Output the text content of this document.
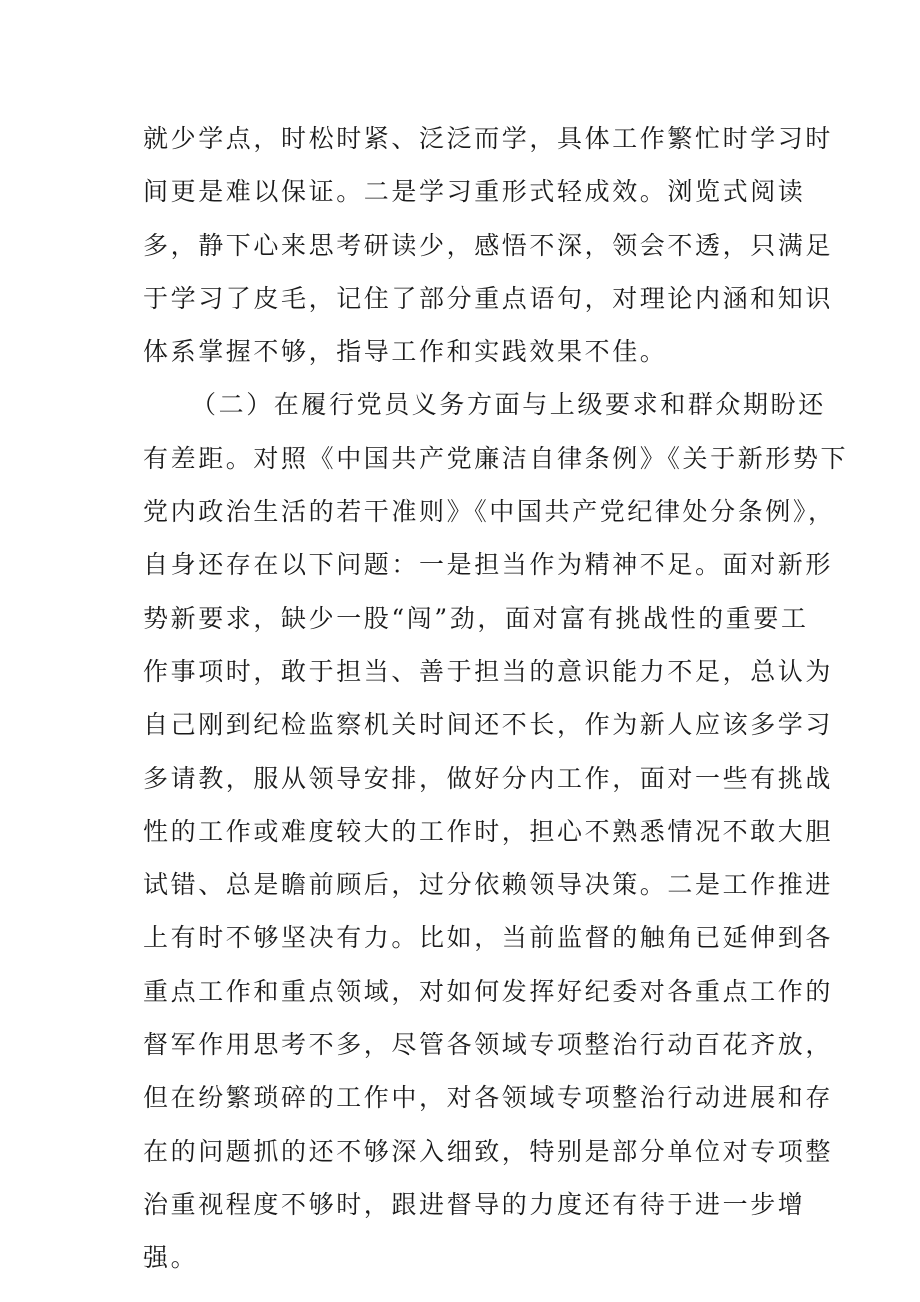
就少学点，时松时紧、泛泛而学，具体工作繁忙时学习时
间更是难以保证。二是学习重形式轻成效。浏览式阅读
多，静下心来思考研读少，感悟不深，领会不透，只满足
于学习了皮毛，记住了部分重点语句，对理论内涵和知识
体系掌握不够，指导工作和实践效果不佳。
（二）在履行党员义务方面与上级要求和群众期盼还
有差距。对照《中国共产党廉洁自律条例》《关于新形势下
党内政治生活的若干准则》《中国共产党纪律处分条例》，
自身还存在以下问题：一是担当作为精神不足。面对新形
势新要求，缺少一股“闯”劲，面对富有挑战性的重要工
作事项时，敢于担当、善于担当的意识能力不足，总认为
自己刚到纪检监察机关时间还不长，作为新人应该多学习
多请教，服从领导安排，做好分内工作，面对一些有挑战
性的工作或难度较大的工作时，担心不熟悉情况不敢大胆
试错、总是瞻前顾后，过分依赖领导决策。二是工作推进
上有时不够坚决有力。比如，当前监督的触角已延伸到各
重点工作和重点领域，对如何发挥好纪委对各重点工作的
督军作用思考不多，尽管各领域专项整治行动百花齐放，
但在纷繁琐碎的工作中，对各领域专项整治行动进展和存
在的问题抓的还不够深入细致，特别是部分单位对专项整
治重视程度不够时，跟进督导的力度还有待于进一步增
强。
